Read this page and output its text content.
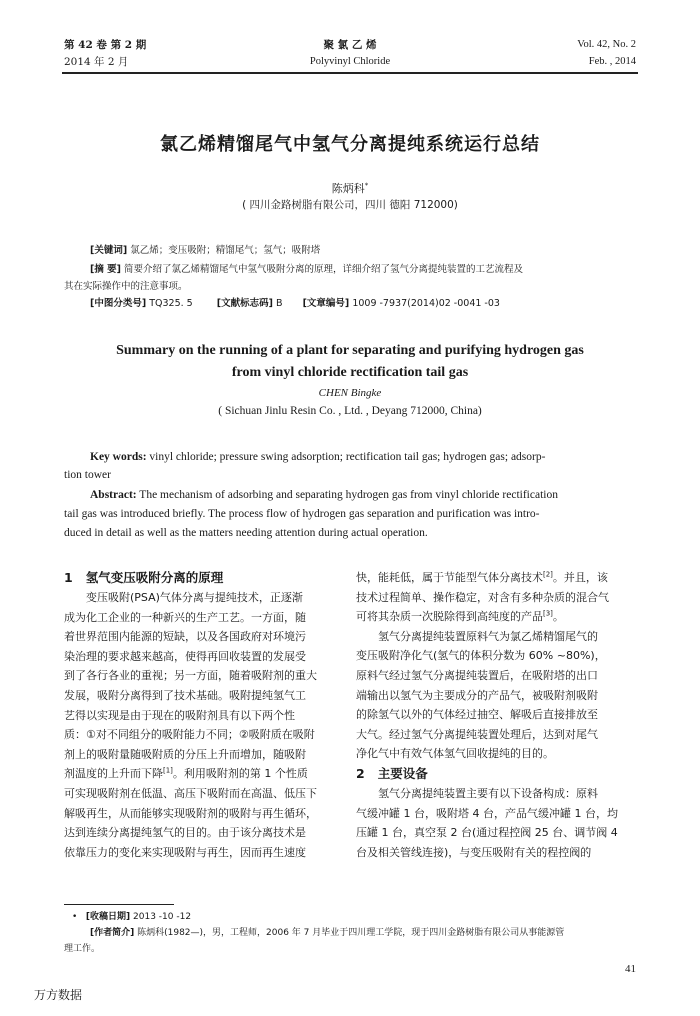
第 42 卷 第 2 期
2014 年 2 月
聚 氯 乙 烯
Polyvinyl Chloride
Vol. 42, No. 2
Feb. , 2014
氯乙烯精馏尾气中氢气分离提纯系统运行总结
陈炳科*
( 四川金路树脂有限公司，四川 德阳 712000)
[关键词] 氯乙烯；变压吸附；精馏尾气；氢气；吸附塔
[摘 要] 简要介绍了氯乙烯精馏尾气中氢气吸附分离的原理，详细介绍了氢气分离提纯装置的工艺流程及
其在实际操作中的注意事项。
[中图分类号] TQ325. 5	[文献标志码] B [文章编号] 1009 -7937(2014)02 -0041 -03
Summary on the running of a plant for separating and purifying hydrogen gas
from vinyl chloride rectification tail gas
CHEN Bingke
( Sichuan Jinlu Resin Co. , Ltd. , Deyang 712000, China)
Key words: vinyl chloride; pressure swing adsorption; rectification tail gas; hydrogen gas; adsorp-
tion tower
Abstract: The mechanism of adsorbing and separating hydrogen gas from vinyl chloride rectification
tail gas was introduced briefly. The process flow of hydrogen gas separation and purification was intro-
duced in detail as well as the matters needing attention during actual operation.
1 氢气变压吸附分离的原理
变压吸附(PSA)气体分离与提纯技术，正逐渐
成为化工企业的一种新兴的生产工艺。一方面，随
着世界范围内能源的短缺，以及各国政府对环境污
染治理的要求越来越高，使得再回收装置的发展受
到了各行各业的重视；另一方面，随着吸附剂的重大
发展，吸附分离得到了技术基础。吸附提纯氢气工
艺得以实现是由于现在的吸附剂具有以下两个性
质：①对不同组分的吸附能力不同；②吸附质在吸附
剂上的吸附量随吸附质的分压上升而增加，随吸附
剂温度的上升而下降[1]。利用吸附剂的第 1 个性质
可实现吸附剂在低温、高压下吸附而在高温、低压下
解吸再生，从而能够实现吸附剂的吸附与再生循环，
达到连续分离提纯氢气的目的。由于该分离技术是
依靠压力的变化来实现吸附与再生，因而再生速度
快，能耗低，属于节能型气体分离技术[2]。并且，该
技术过程简单、操作稳定，对含有多种杂质的混合气
可将其杂质一次脱除得到高纯度的产品[3]。
氢气分离提纯装置原料气为氯乙烯精馏尾气的
变压吸附净化气(氢气的体积分数为 60% ~80%)，
原料气经过氢气分离提纯装置后，在吸附塔的出口
端输出以氢气为主要成分的产品气，被吸附剂吸附
的除氢气以外的气体经过抽空、解吸后直接排放至
大气。经过氢气分离提纯装置处理后，达到对尾气
净化气中有效气体氢气回收提纯的目的。
2 主要设备
氢气分离提纯装置主要有以下设备构成：原料
气缓冲罐 1 台，吸附塔 4 台，产品气缓冲罐 1 台，均
压罐 1 台，真空泵 2 台(通过程控阀 25 台、调节阀 4
台及相关管线连接)，与变压吸附有关的程控阀的
• [收稿日期] 2013 -10 -12
[作者简介] 陈炳科(1982—)，男，工程师，2006 年 7 月毕业于四川理工学院，现于四川金路树脂有限公司从事能源管
理工作。
41
万方数据
